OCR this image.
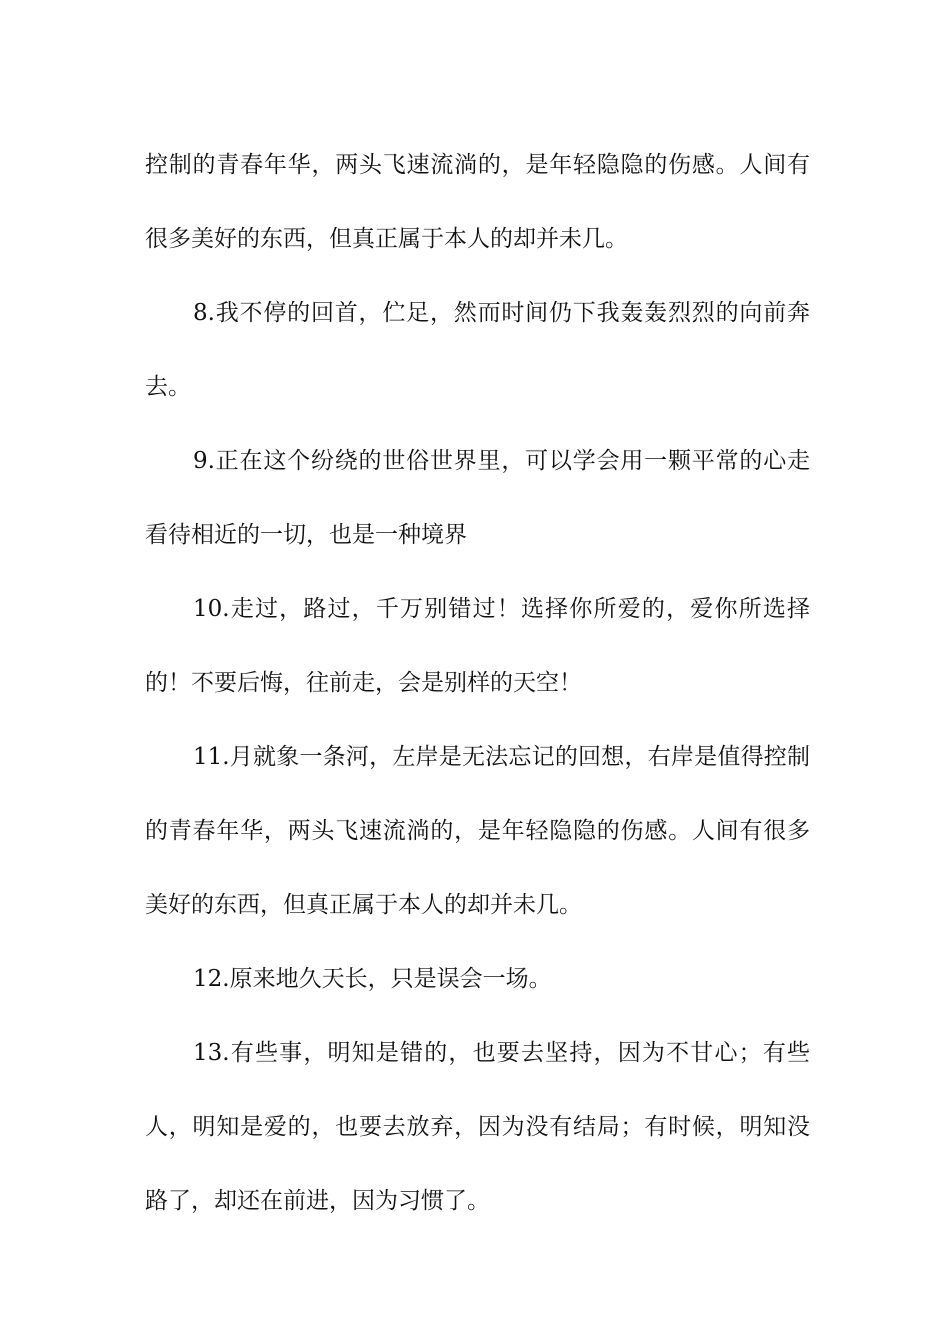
控制的青春年华，两头飞速流淌的，是年轻隐隐的伤感。人间有很多美好的东西，但真正属于本人的却并未几。

8.我不停的回首，伫足，然而时间仍下我轰轰烈烈的向前奔去。

9.正在这个纷绕的世俗世界里，可以学会用一颗平常的心走看待相近的一切，也是一种境界

10.走过，路过，千万别错过！选择你所爱的，爱你所选择的！不要后悔，往前走，会是别样的天空！

11.月就象一条河，左岸是无法忘记的回想，右岸是值得控制的青春年华，两头飞速流淌的，是年轻隐隐的伤感。人间有很多美好的东西，但真正属于本人的却并未几。

12.原来地久天长，只是误会一场。

13.有些事，明知是错的，也要去坚持，因为不甘心；有些人，明知是爱的，也要去放弃，因为没有结局；有时候，明知没路了，却还在前进，因为习惯了。
